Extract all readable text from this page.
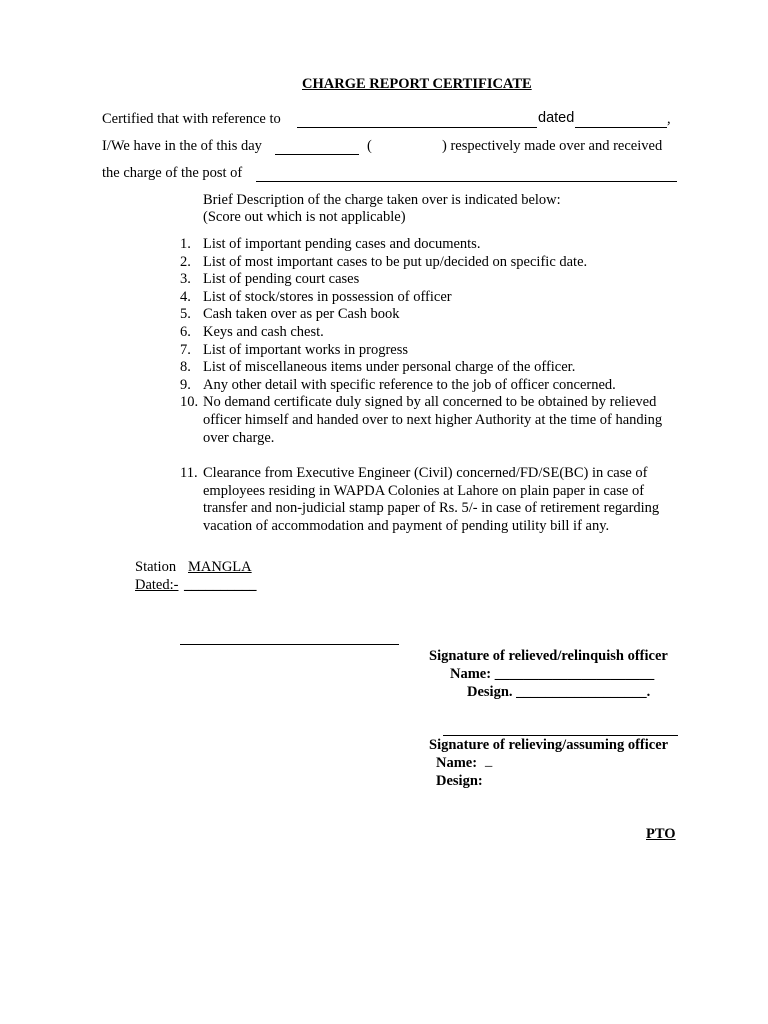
CHARGE REPORT CERTIFICATE
Certified that with reference to	dated	,
I/We have in the of this day	(	) respectively made over and received
the charge of the post of
Brief Description of the charge taken over is indicated below:
(Score out which is not applicable)
1. List of important pending cases and documents.
2. List of most important cases to be put up/decided on specific date.
3. List of pending court cases
4. List of stock/stores in possession of officer
5. Cash taken over as per Cash book
6. Keys and cash chest.
7. List of important works in progress
8. List of miscellaneous items under personal charge of the officer.
9. Any other detail with specific reference to the job of officer concerned.
10. No demand certificate duly signed by all concerned to be obtained by relieved officer himself and handed over to next higher Authority at the time of handing over charge.
11. Clearance from Executive Engineer (Civil) concerned/FD/SE(BC) in case of employees residing in WAPDA Colonies at Lahore on plain paper in case of transfer and non-judicial stamp paper of Rs. 5/- in case of retirement regarding vacation of accommodation and payment of pending utility bill if any.
Station MANGLA
Dated:- __________
Signature of relieved/relinquish officer
Name: ______________________
Design. __________________.
Signature of relieving/assuming officer
Name: _
Design:
PTO
